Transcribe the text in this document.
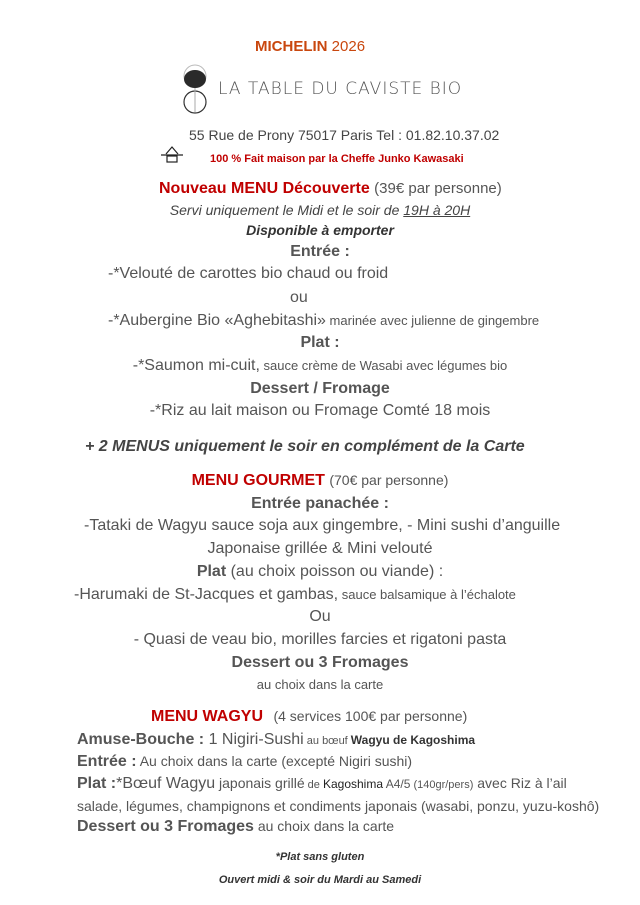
MICHELIN 2026
LA TABLE DU CAVISTE BIO
55 Rue de Prony 75017 Paris Tel : 01.82.10.37.02
100 % Fait maison par la Cheffe Junko Kawasaki
Nouveau MENU Découverte (39€ par personne)
Servi uniquement le Midi et le soir de 19H à 20H
Disponible à emporter
Entrée :
-*Velouté de carottes bio chaud ou froid
ou
-*Aubergine Bio «Aghebitashi» marinée avec julienne de gingembre
Plat :
-*Saumon mi-cuit, sauce crème de Wasabi avec légumes bio
Dessert / Fromage
-*Riz au lait maison ou Fromage Comté 18 mois
+ 2 MENUS uniquement le soir en complément de la Carte
MENU GOURMET (70€ par personne)
Entrée panachée :
-Tataki de Wagyu sauce soja aux gingembre, - Mini sushi d’anguille
Japonaise grillée & Mini velouté
Plat (au choix poisson ou viande) :
-Harumaki de St-Jacques et gambas, sauce balsamique à l’échalote
Ou
- Quasi de veau bio, morilles farcies et rigatoni pasta
Dessert ou 3 Fromages
au choix dans la carte
MENU WAGYU (4 services 100€ par personne)
Amuse-Bouche : 1 Nigiri-Sushi au bœuf Wagyu de Kagoshima
Entrée : Au choix dans la carte (excepté Nigiri sushi)
Plat :*Bœuf Wagyu japonais grillé de Kagoshima A4/5 (140gr/pers) avec Riz à l’ail
salade, légumes, champignons et condiments japonais (wasabi, ponzu, yuzu-koshô)
Dessert ou 3 Fromages au choix dans la carte
*Plat sans gluten
Ouvert midi & soir du Mardi au Samedi
